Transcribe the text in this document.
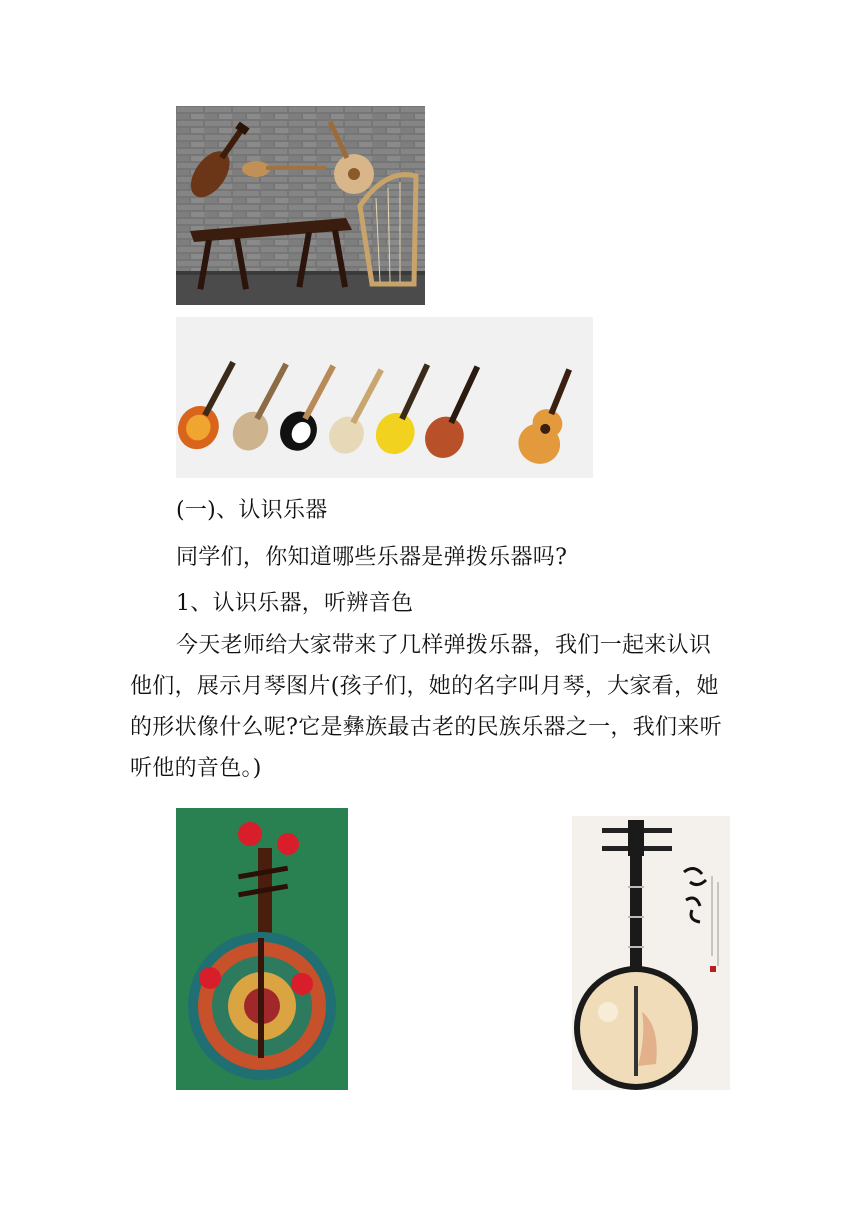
(一)、认识乐器
同学们，你知道哪些乐器是弹拨乐器吗?
1、认识乐器，听辨音色
今天老师给大家带来了几样弹拨乐器，我们一起来认识他们，展示月琴图片(孩子们，她的名字叫月琴，大家看，她的形状像什么呢?它是彝族最古老的民族乐器之一，我们来听听他的音色。)
